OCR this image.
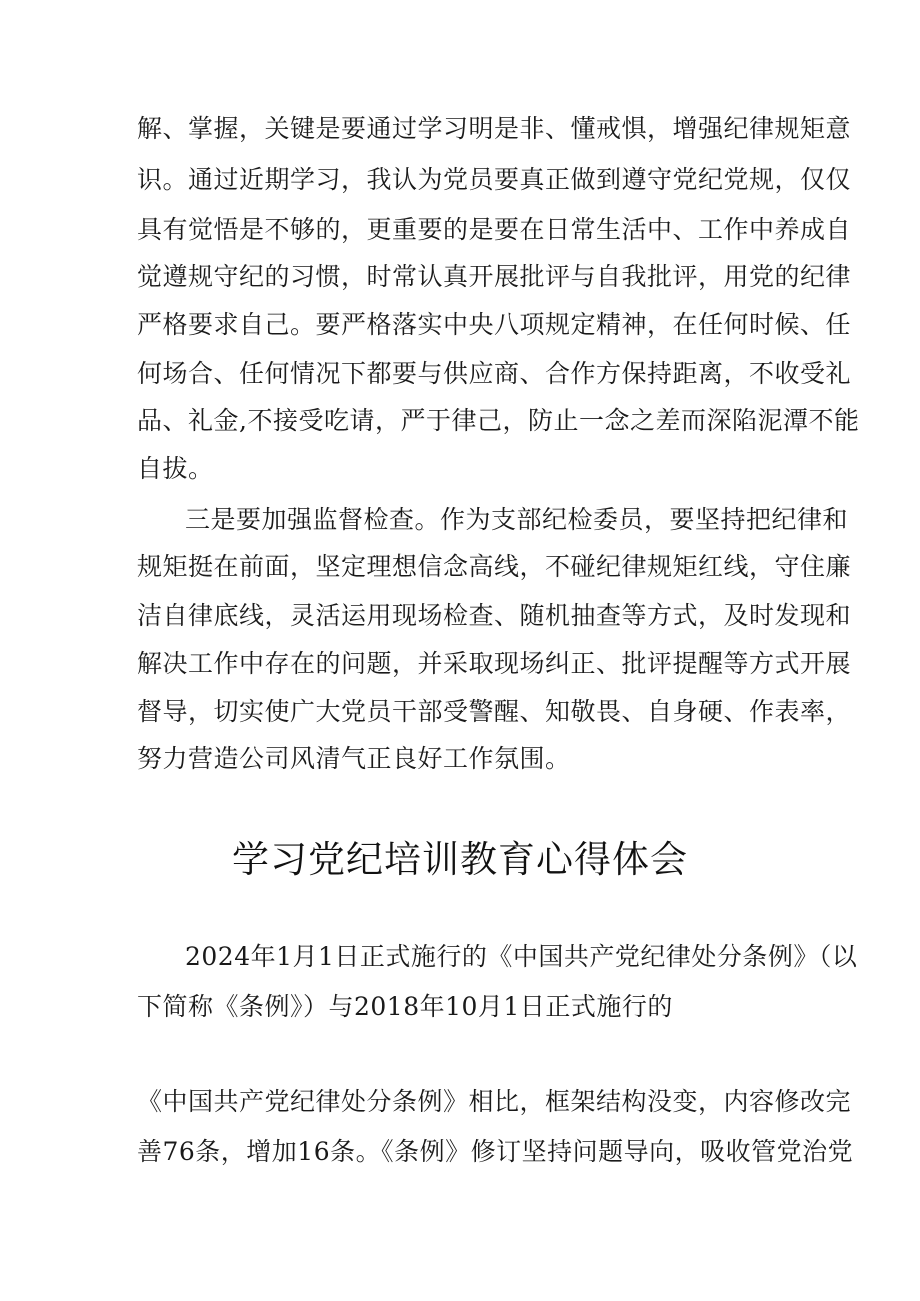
解、掌握，关键是要通过学习明是非、懂戒惧，增强纪律规矩意
识。通过近期学习，我认为党员要真正做到遵守党纪党规，仅仅
具有觉悟是不够的，更重要的是要在日常生活中、工作中养成自
觉遵规守纪的习惯，时常认真开展批评与自我批评，用党的纪律
严格要求自己。要严格落实中央八项规定精神，在任何时候、任
何场合、任何情况下都要与供应商、合作方保持距离，不收受礼
品、礼金,不接受吃请，严于律己，防止一念之差而深陷泥潭不能
自拔。
三是要加强监督检查。作为支部纪检委员，要坚持把纪律和
规矩挺在前面，坚定理想信念高线，不碰纪律规矩红线，守住廉
洁自律底线，灵活运用现场检查、随机抽查等方式，及时发现和
解决工作中存在的问题，并采取现场纠正、批评提醒等方式开展
督导，切实使广大党员干部受警醒、知敬畏、自身硬、作表率，
努力营造公司风清气正良好工作氛围。
学习党纪培训教育心得体会
2024年1月1日正式施行的《中国共产党纪律处分条例》（以
下简称《条例》）与2018年10月1日正式施行的
《中国共产党纪律处分条例》相比，框架结构没变，内容修改完
善76条，增加16条。《条例》修订坚持问题导向，吸收管党治党
